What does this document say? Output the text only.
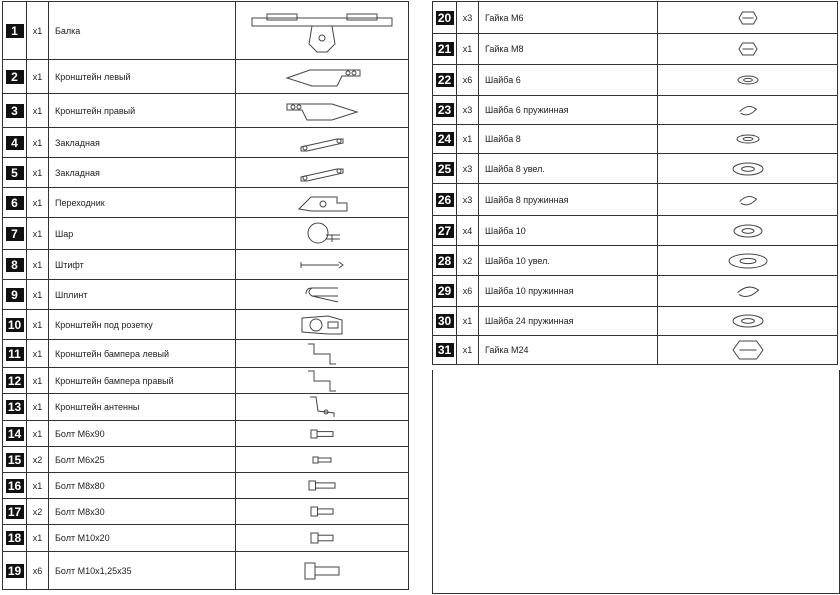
1	x1	Балка	

2	x1	Кронштейн левый	

3	x1	Кронштейн правый	

4	x1	Закладная	

5	x1	Закладная	

6	x1	Переходник	

7	x1	Шар	

8	x1	Штифт	

9	x1	Шплинт	

10	x1	Кронштейн под розетку	

11	x1	Кронштейн бампера левый	

12	x1	Кронштейн бампера правый	

13	x1	Кронштейн антенны	

14	x1	Болт М6х90	

15	x2	Болт М6х25	

16	x1	Болт М8х80	

17	x2	Болт М8х30	

18	x1	Болт М10х20	

19	x6	Болт М10х1,25х35	
20	x3	Гайка М6	

21	x1	Гайка М8	

22	x6	Шайба 6	

23	x3	Шайба 6 пружинная	

24	x1	Шайба 8	

25	x3	Шайба 8 увел.	

26	x3	Шайба 8 пружинная	

27	x4	Шайба 10	

28	x2	Шайба 10 увел.	

29	x6	Шайба 10 пружинная	

30	x1	Шайба 24 пружинная	

31	x1	Гайка М24	
